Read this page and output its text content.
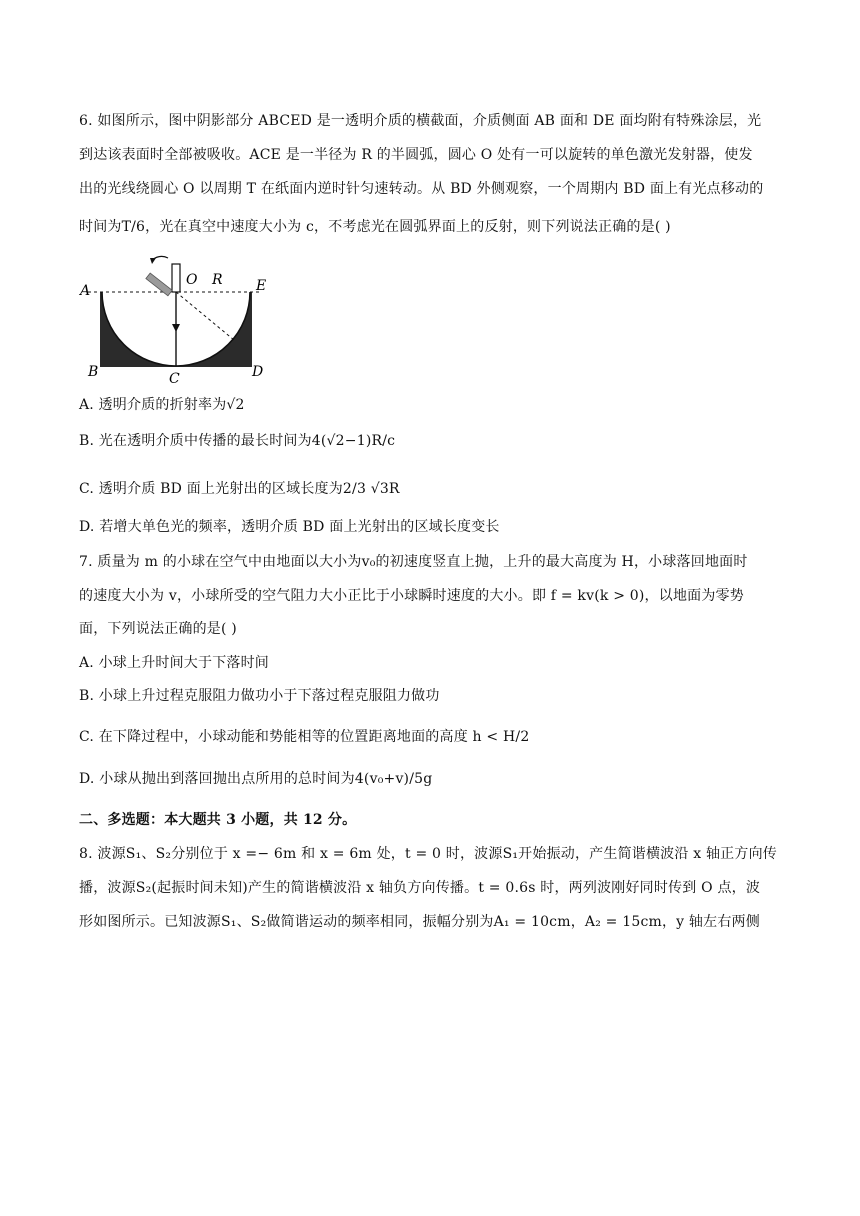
6. 如图所示，图中阴影部分 ABCED 是一透明介质的横截面，介质侧面 AB 面和 DE 面均附有特殊涂层，光
到达该表面时全部被吸收。ACE 是一半径为 R 的半圆弧，圆心 O 处有一可以旋转的单色激光发射器，使发
出的光线绕圆心 O 以周期 T 在纸面内逆时针匀速转动。从 BD 外侧观察，一个周期内 BD 面上有光点移动的
时间为T/6，光在真空中速度大小为 c，不考虑光在圆弧界面上的反射，则下列说法正确的是( )
A
O R E
B	C	D
A. 透明介质的折射率为√2
B. 光在透明介质中传播的最长时间为4(√2−1)R/c
C. 透明介质 BD 面上光射出的区域长度为2/3 √3R
D. 若增大单色光的频率，透明介质 BD 面上光射出的区域长度变长
7. 质量为 m 的小球在空气中由地面以大小为v₀的初速度竖直上抛，上升的最大高度为 H，小球落回地面时
的速度大小为 v，小球所受的空气阻力大小正比于小球瞬时速度的大小。即 f = kv(k > 0)，以地面为零势
面，下列说法正确的是( )
A. 小球上升时间大于下落时间
B. 小球上升过程克服阻力做功小于下落过程克服阻力做功
C. 在下降过程中，小球动能和势能相等的位置距离地面的高度 h < H/2
D. 小球从抛出到落回抛出点所用的总时间为4(v₀+v)/5g
二、多选题：本大题共 3 小题，共 12 分。
8. 波源S₁、S₂分别位于 x =− 6m 和 x = 6m 处，t = 0 时，波源S₁开始振动，产生简谐横波沿 x 轴正方向传
播，波源S₂(起振时间未知)产生的简谐横波沿 x 轴负方向传播。t = 0.6s 时，两列波刚好同时传到 O 点，波
形如图所示。已知波源S₁、S₂做简谐运动的频率相同，振幅分别为A₁ = 10cm，A₂ = 15cm，y 轴左右两侧
